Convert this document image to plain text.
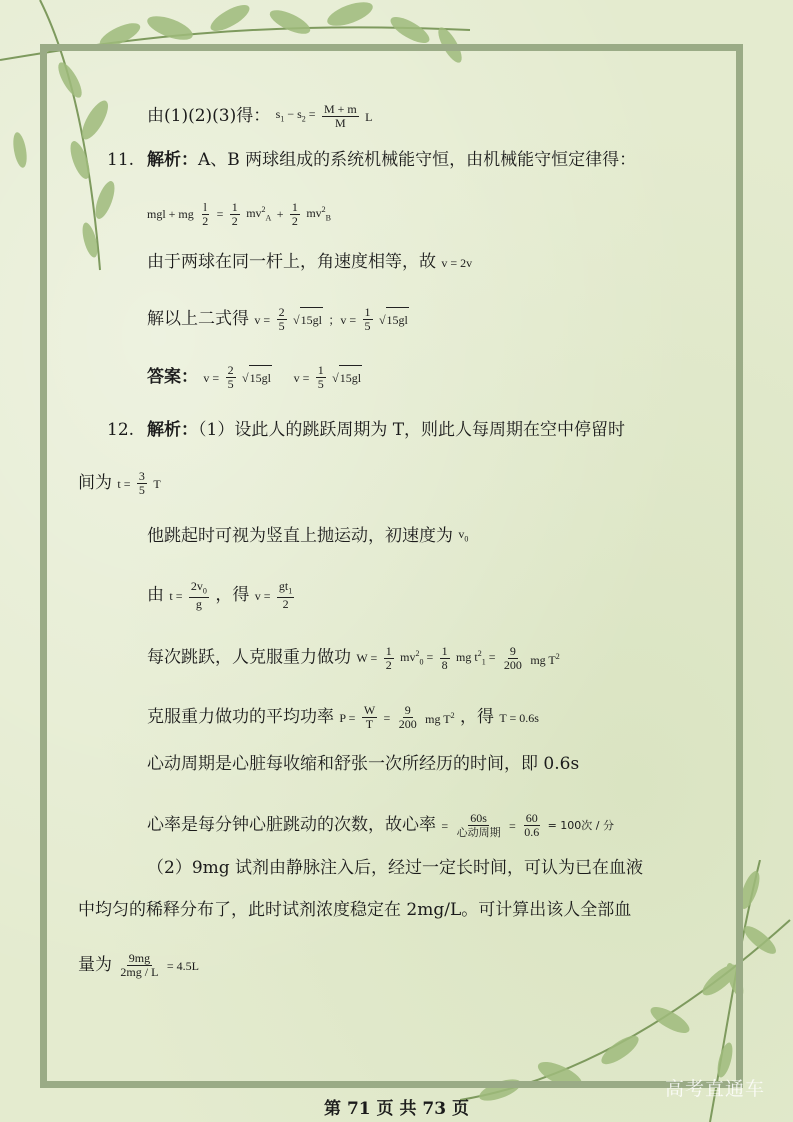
由(1)(2)(3)得： $s_1 - s_2 = \frac{M + m}{M}$ L
11. 解析：A、B 两球组成的系统机械能守恒，由机械能守恒定律得：
mgl + mg $\frac{l}{2} = \frac{1}{2} mv^2_A + \frac{1}{2} mv^2_B$
由于两球在同一杆上，角速度相等，故 v = 2v
解以上二式得 $v = \frac{2}{5} √15gl$ ；$v = \frac{1}{5} √15gl$
答案： $v = \frac{2}{5} √15gl$ $v = \frac{1}{5} √15gl$
12. 解析：（1）设此人的跳跃周期为 T，则此人每周期在空中停留时
间为 $t = \frac{3}{5}$ T
他跳起时可视为竖直上抛运动，初速度为 $v_0$
由 $t = \frac{2v_0}{g}$ ，得 $v = \frac{gt_1}{2}$
每次跳跃，人克服重力做功 $W = \frac{1}{2} mv^2_0 = \frac{1}{8}$ mg $t^2_1 = \frac{9}{200}$ mg $T^2$
克服重力做功的平均功率 $P = \frac{W}{T} = \frac{9}{200}$ mg $T^2$ ，得 T = 0.6s
心动周期是心脏每收缩和舒张一次所经历的时间，即 0.6s
心率是每分钟心脏跳动的次数，故心率 = $\frac{60s}{\text{心动周期}} = \frac{60}{0.6} = 100$次 / 分
（2）9mg 试剂由静脉注入后，经过一定长时间，可认为已在血液
中均匀的稀释分布了，此时试剂浓度稳定在 2mg/L。可计算出该人全部血
量为 $\frac{9mg}{2mg / L} = 4.5L$
高考直通车
第 71 页 共 73 页
